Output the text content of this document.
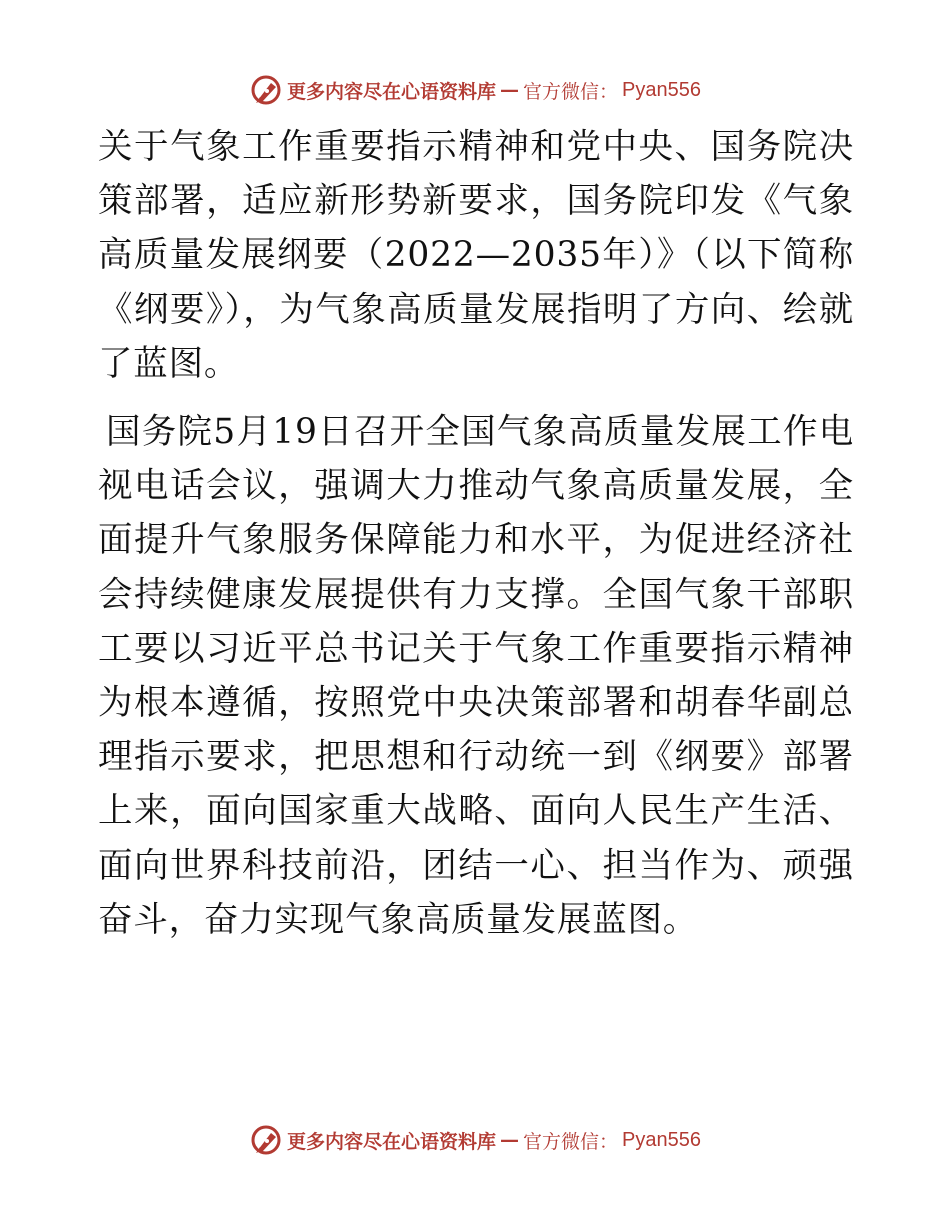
更多内容尽在心语资料库 — 官方微信： Pyan556

关于气象工作重要指示精神和党中央、国务院决策部署，适应新形势新要求，国务院印发《气象高质量发展纲要（2022—2035年）》（以下简称《纲要》），为气象高质量发展指明了方向、绘就了蓝图。

国务院5月19日召开全国气象高质量发展工作电视电话会议，强调大力推动气象高质量发展，全面提升气象服务保障能力和水平，为促进经济社会持续健康发展提供有力支撑。全国气象干部职工要以习近平总书记关于气象工作重要指示精神为根本遵循，按照党中央决策部署和胡春华副总理指示要求，把思想和行动统一到《纲要》部署上来，面向国家重大战略、面向人民生产生活、面向世界科技前沿，团结一心、担当作为、顽强奋斗，奋力实现气象高质量发展蓝图。

更多内容尽在心语资料库 — 官方微信： Pyan556
